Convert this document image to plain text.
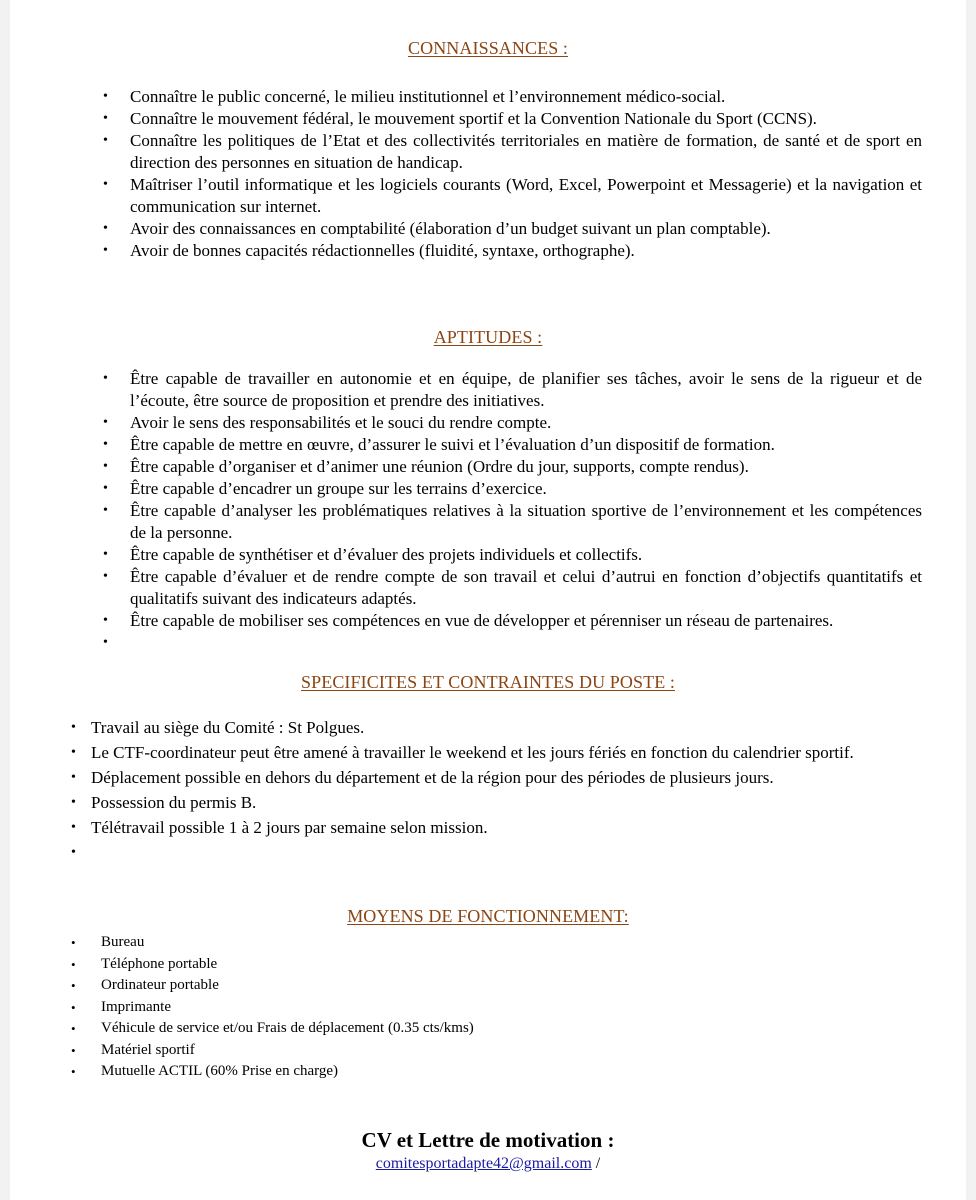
CONNAISSANCES :
• Connaître le public concerné, le milieu institutionnel et l’environnement médico-social.
• Connaître le mouvement fédéral, le mouvement sportif et la Convention Nationale du Sport (CCNS).
• Connaître les politiques de l’Etat et des collectivités territoriales en matière de formation, de santé et de sport en direction des personnes en situation de handicap.
• Maîtriser l’outil informatique et les logiciels courants (Word, Excel, Powerpoint et Messagerie) et la navigation et communication sur internet.
• Avoir des connaissances en comptabilité (élaboration d’un budget suivant un plan comptable).
• Avoir de bonnes capacités rédactionnelles (fluidité, syntaxe, orthographe).
APTITUDES :
• Être capable de travailler en autonomie et en équipe, de planifier ses tâches, avoir le sens de la rigueur et de l’écoute, être source de proposition et prendre des initiatives.
• Avoir le sens des responsabilités et le souci du rendre compte.
• Être capable de mettre en œuvre, d’assurer le suivi et l’évaluation d’un dispositif de formation.
• Être capable d’organiser et d’animer une réunion (Ordre du jour, supports, compte rendus).
• Être capable d’encadrer un groupe sur les terrains d’exercice.
• Être capable d’analyser les problématiques relatives à la situation sportive de l’environnement et les compétences de la personne.
• Être capable de synthétiser et d’évaluer des projets individuels et collectifs.
• Être capable d’évaluer et de rendre compte de son travail et celui d’autrui en fonction d’objectifs quantitatifs et qualitatifs suivant des indicateurs adaptés.
• Être capable de mobiliser ses compétences en vue de développer et pérenniser un réseau de partenaires.
•

SPECIFICITES ET CONTRAINTES DU POSTE :
• Travail au siège du Comité : St Polgues.
• Le CTF-coordinateur peut être amené à travailler le weekend et les jours fériés en fonction du calendrier sportif.
• Déplacement possible en dehors du département et de la région pour des périodes de plusieurs jours.
• Possession du permis B.
• Télétravail possible 1 à 2 jours par semaine selon mission.
•

MOYENS DE FONCTIONNEMENT:
• Bureau
• Téléphone portable
• Ordinateur portable
• Imprimante
• Véhicule de service et/ou Frais de déplacement (0.35 cts/kms)
• Matériel sportif
• Mutuelle ACTIL (60% Prise en charge)
CV et Lettre de motivation :
comitesportadapte42@gmail.com /
